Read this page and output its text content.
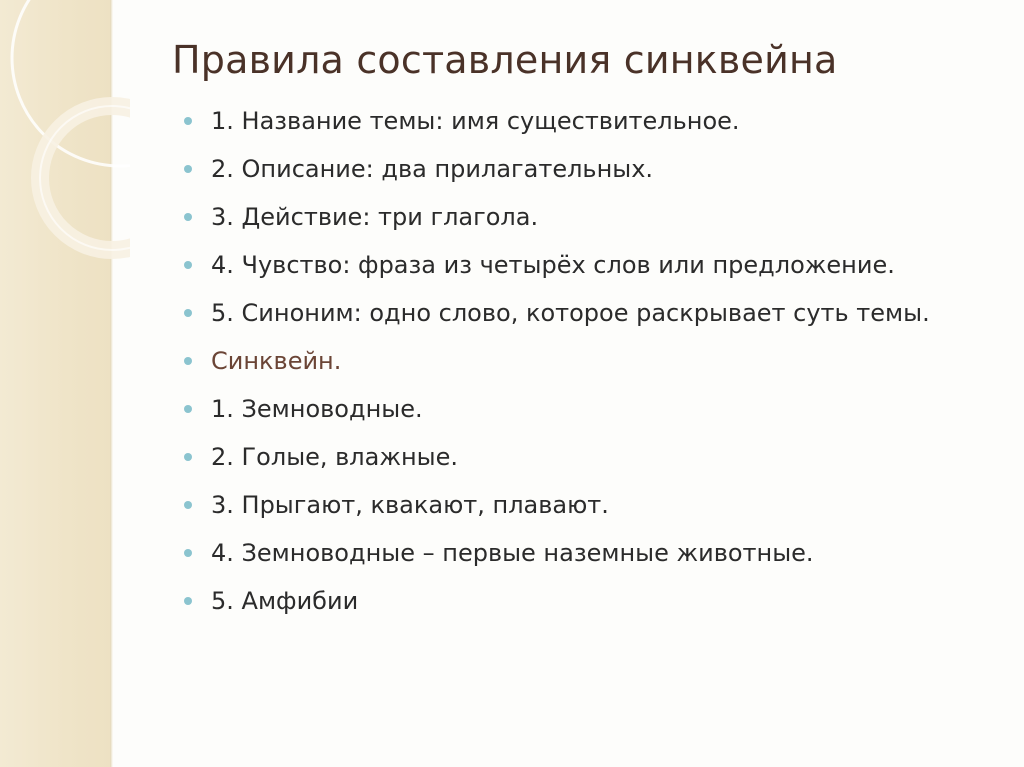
Правила составления синквейна
1. Название темы: имя существительное.
2. Описание: два прилагательных.
3. Действие: три глагола.
4. Чувство: фраза из четырёх слов или предложение.
5. Синоним: одно слово, которое раскрывает суть темы.
Синквейн.
1. Земноводные.
2. Голые, влажные.
3. Прыгают, квакают, плавают.
4. Земноводные – первые наземные животные.
5. Амфибии
